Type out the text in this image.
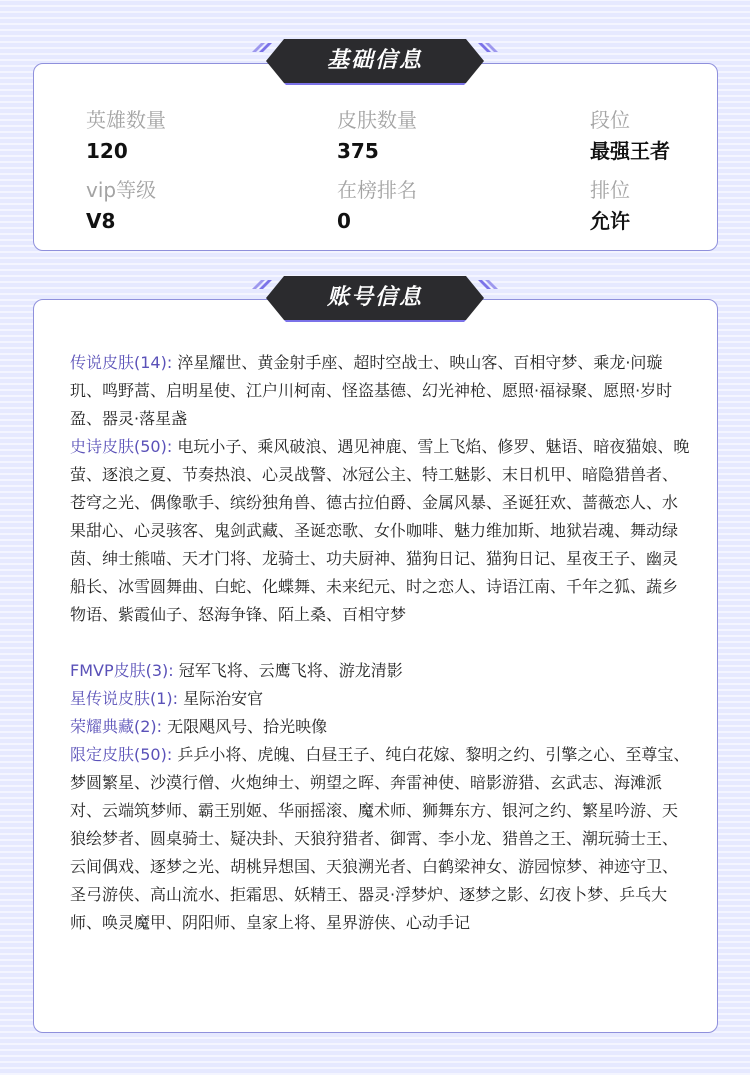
英雄数量
120
皮肤数量
375
段位
最强王者
vip等级
V8
在榜排名
0
排位
允许
基础信息
传说皮肤(14): 淬星耀世、黄金射手座、超时空战士、映山客、百相守梦、乘龙·问璇玑、鸣野蒿、启明星使、江户川柯南、怪盗基德、幻光神枪、愿照·福禄聚、愿照·岁时盈、器灵·落星盏
史诗皮肤(50): 电玩小子、乘风破浪、遇见神鹿、雪上飞焰、修罗、魅语、暗夜猫娘、晚萤、逐浪之夏、节奏热浪、心灵战警、冰冠公主、特工魅影、末日机甲、暗隐猎兽者、苍穹之光、偶像歌手、缤纷独角兽、德古拉伯爵、金属风暴、圣诞狂欢、蔷薇恋人、水果甜心、心灵骇客、鬼剑武藏、圣诞恋歌、女仆咖啡、魅力维加斯、地狱岩魂、舞动绿茵、绅士熊喵、天才门将、龙骑士、功夫厨神、猫狗日记、猫狗日记、星夜王子、幽灵船长、冰雪圆舞曲、白蛇、化蝶舞、未来纪元、时之恋人、诗语江南、千年之狐、蔬乡物语、紫霞仙子、怒海争锋、陌上桑、百相守梦
FMVP皮肤(3): 冠军飞将、云鹰飞将、游龙清影
星传说皮肤(1): 星际治安官
荣耀典藏(2): 无限飓风号、拾光映像
限定皮肤(50): 乒乒小将、虎魄、白昼王子、纯白花嫁、黎明之约、引擎之心、至尊宝、梦圆繁星、沙漠行僧、火炮绅士、朔望之晖、奔雷神使、暗影游猎、玄武志、海滩派对、云端筑梦师、霸王别姬、华丽摇滚、魔术师、狮舞东方、银河之约、繁星吟游、天狼绘梦者、圆桌骑士、疑决卦、天狼狩猎者、御霄、李小龙、猎兽之王、潮玩骑士王、云间偶戏、逐梦之光、胡桃异想国、天狼溯光者、白鹤梁神女、游园惊梦、神迹守卫、圣弓游侠、高山流水、拒霜思、妖精王、器灵·浮梦炉、逐梦之影、幻夜卜梦、乒乓大师、唤灵魔甲、阴阳师、皇家上将、星界游侠、心动手记
账号信息
